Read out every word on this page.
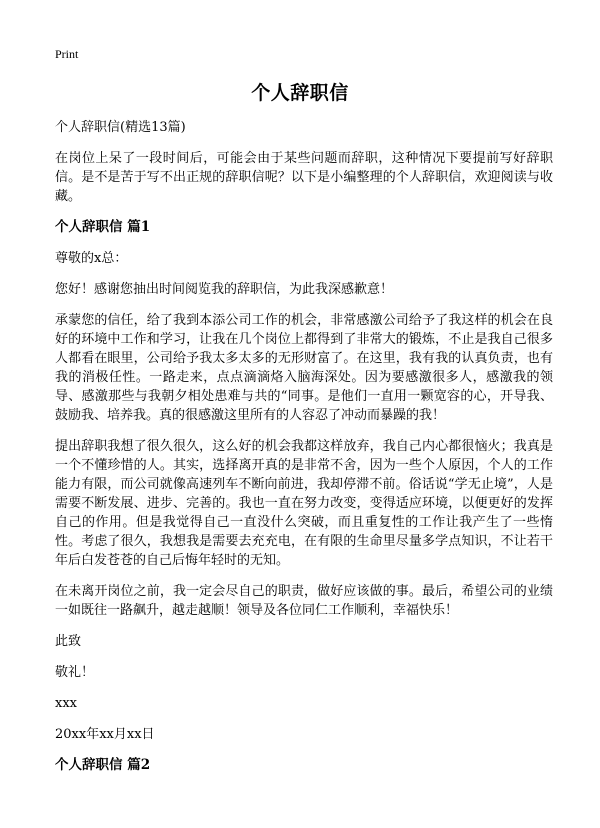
Print
个人辞职信

个人辞职信(精选13篇)

在岗位上呆了一段时间后，可能会由于某些问题而辞职，这种情况下要提前写好辞职信。是不是苦于写不出正规的辞职信呢？以下是小编整理的个人辞职信，欢迎阅读与收藏。

个人辞职信 篇1

尊敬的x总：

您好！感谢您抽出时间阅览我的辞职信，为此我深感歉意！

承蒙您的信任，给了我到本添公司工作的机会，非常感激公司给予了我这样的机会在良好的环境中工作和学习，让我在几个岗位上都得到了非常大的锻炼，不止是我自己很多人都看在眼里，公司给予我太多太多的无形财富了。在这里，我有我的认真负责，也有我的消极任性。一路走来，点点滴滴烙入脑海深处。因为要感激很多人，感激我的领导、感激那些与我朝夕相处患难与共的“同事。是他们一直用一颗宽容的心，开导我、鼓励我、培养我。真的很感激这里所有的人容忍了冲动而暴躁的我！

提出辞职我想了很久很久，这么好的机会我都这样放弃，我自己内心都很恼火；我真是一个不懂珍惜的人。其实，选择离开真的是非常不舍，因为一些个人原因，个人的工作能力有限，而公司就像高速列车不断向前进，我却停滞不前。俗话说“学无止境”，人是需要不断发展、进步、完善的。我也一直在努力改变，变得适应环境，以便更好的发挥自己的作用。但是我觉得自己一直没什么突破，而且重复性的工作让我产生了一些惰性。考虑了很久，我想我是需要去充充电，在有限的生命里尽量多学点知识，不让若干年后白发苍苍的自己后悔年轻时的无知。

在未离开岗位之前，我一定会尽自己的职责，做好应该做的事。最后，希望公司的业绩一如既往一路飙升，越走越顺！领导及各位同仁工作顺利，幸福快乐！

此致

敬礼！

xxx

20xx年xx月xx日

个人辞职信 篇2
